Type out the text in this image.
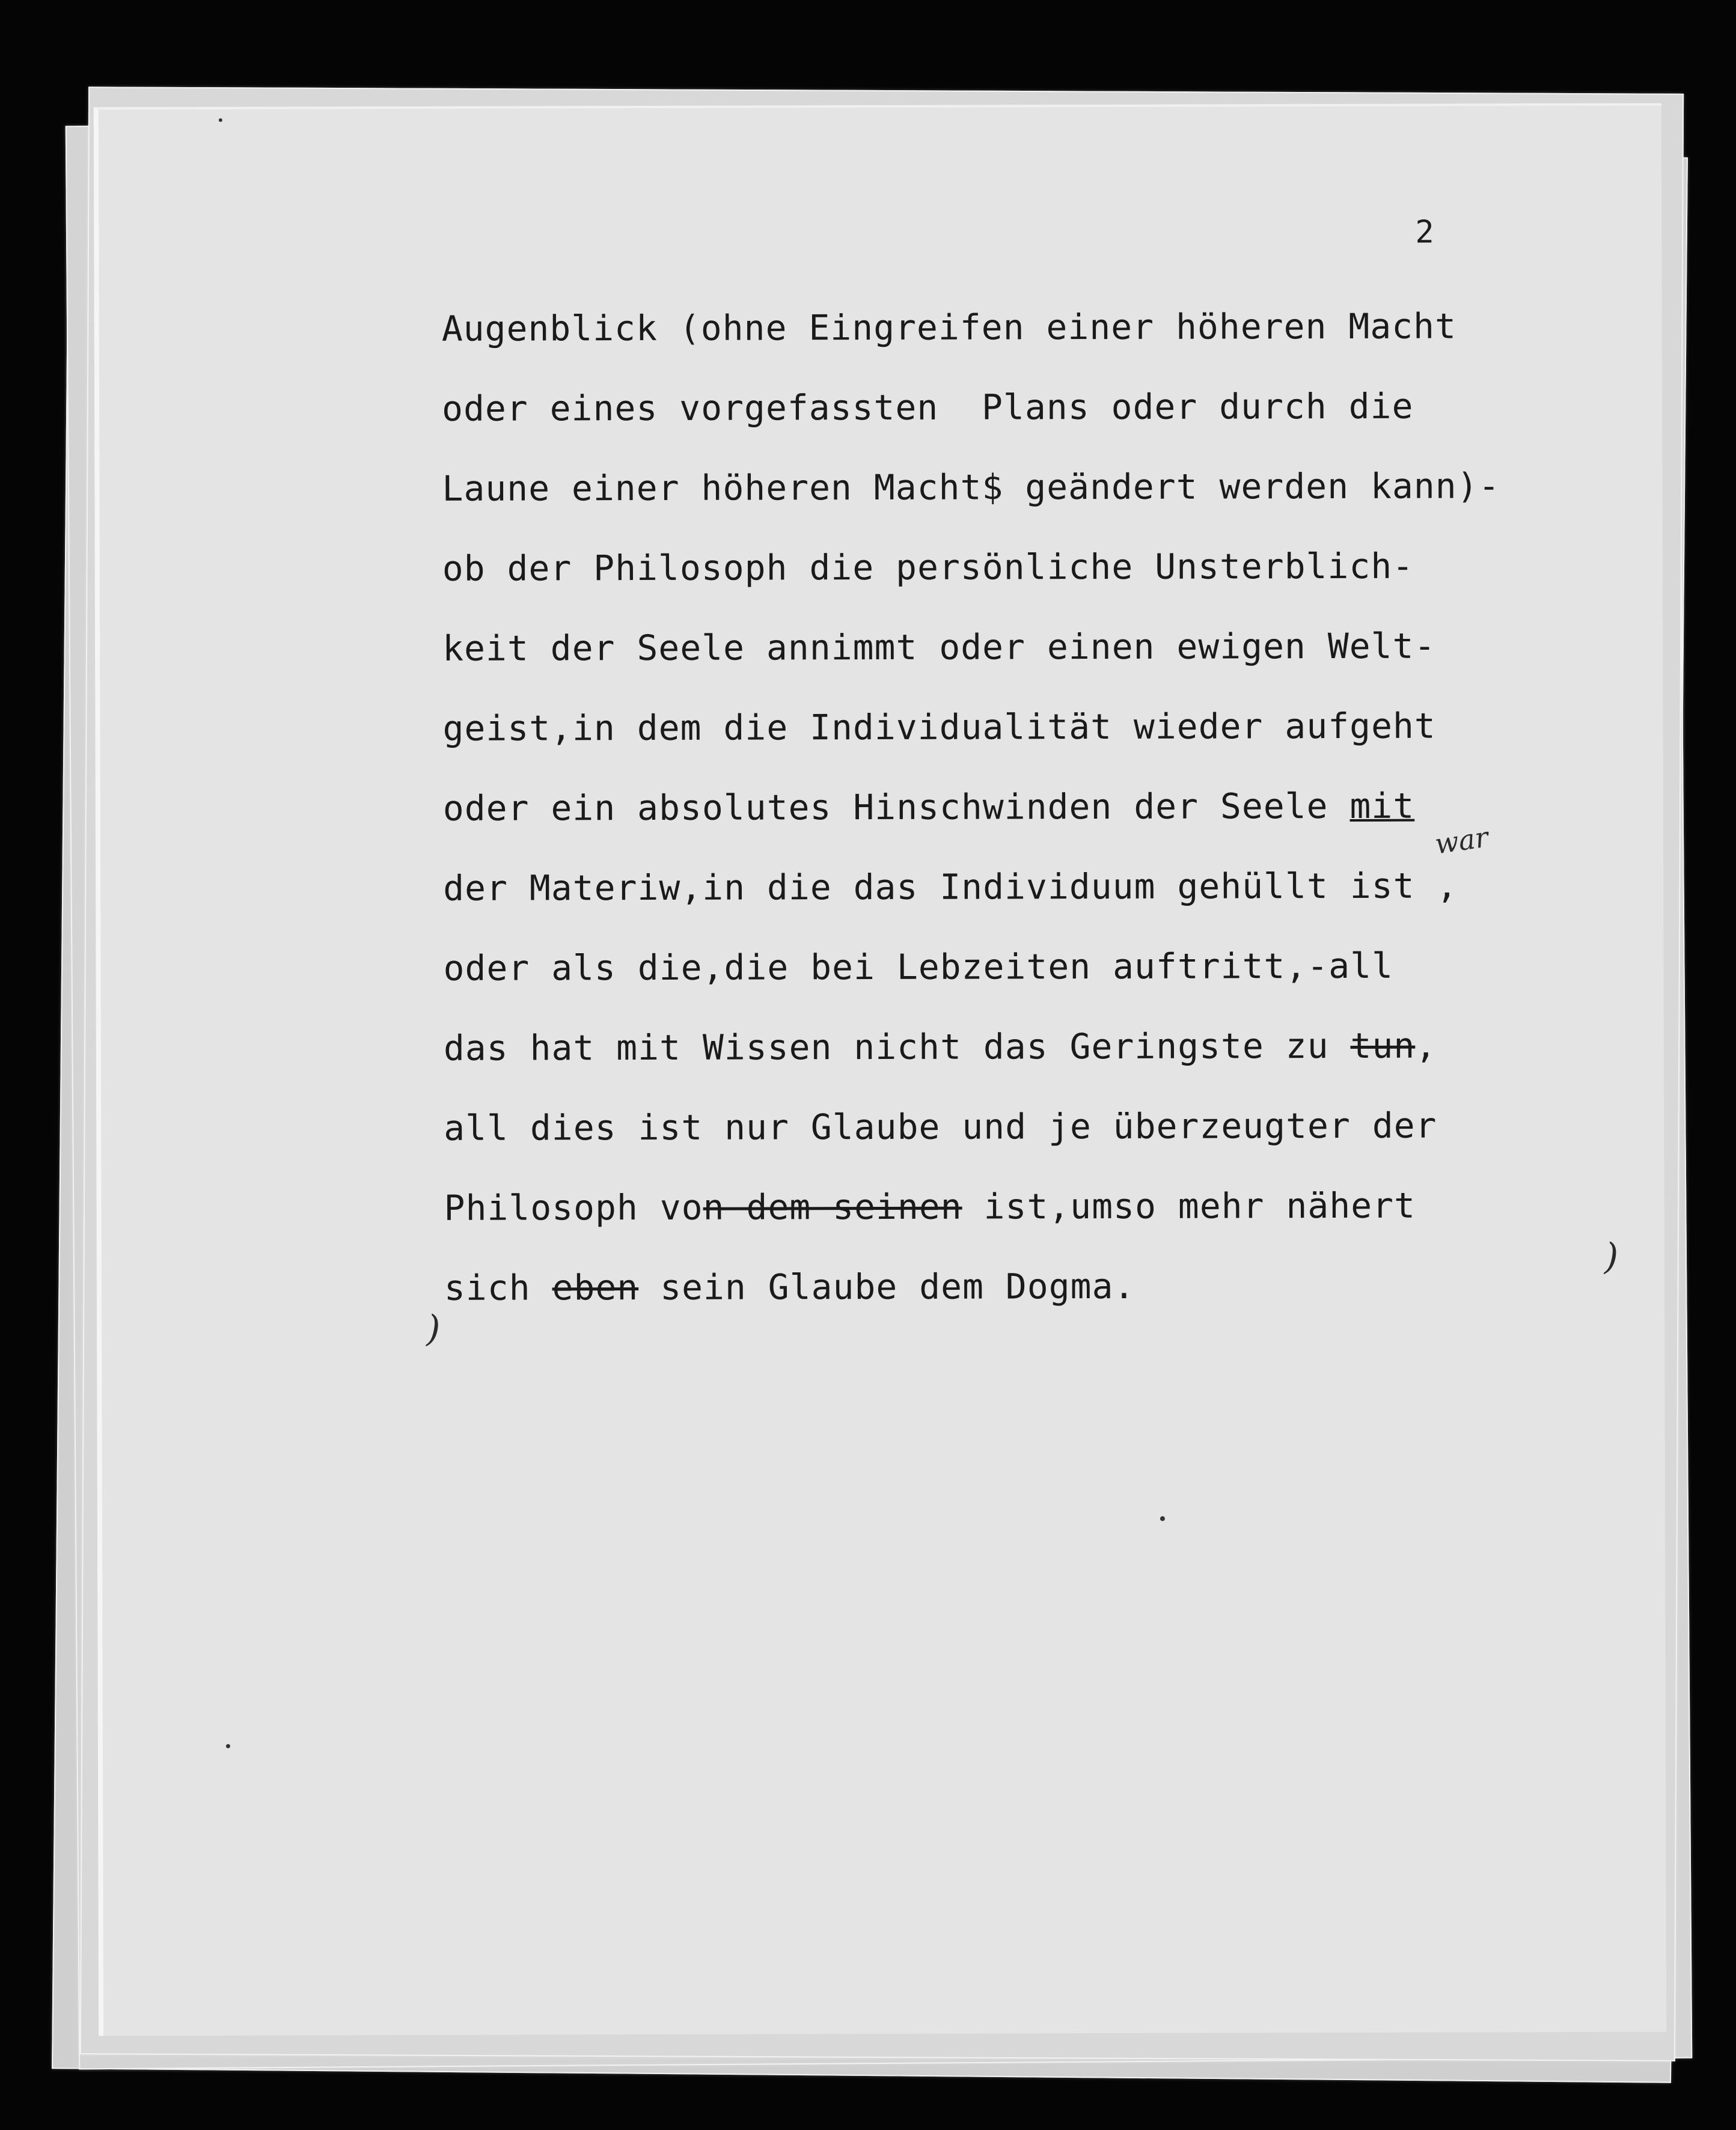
2
Augenblick (ohne Eingreifen einer höheren Macht
oder eines vorgefassten  Plans oder durch die
Laune einer höheren Macht$ geändert werden kann)-
ob der Philosoph die persönliche Unsterblich-
keit der Seele annimmt oder einen ewigen Welt-
geist,in dem die Individualität wieder aufgeht
oder ein absolutes Hinschwinden der Seele mit
der Materiw,in die das Individuum gehüllt ist ,
oder als die,die bei Lebzeiten auftritt,-all
das hat mit Wissen nicht das Geringste zu tun,
all dies ist nur Glaube und je überzeugter der
Philosoph von dem seinen ist,umso mehr nähert
sich eben sein Glaube dem Dogma.
war
)
)
